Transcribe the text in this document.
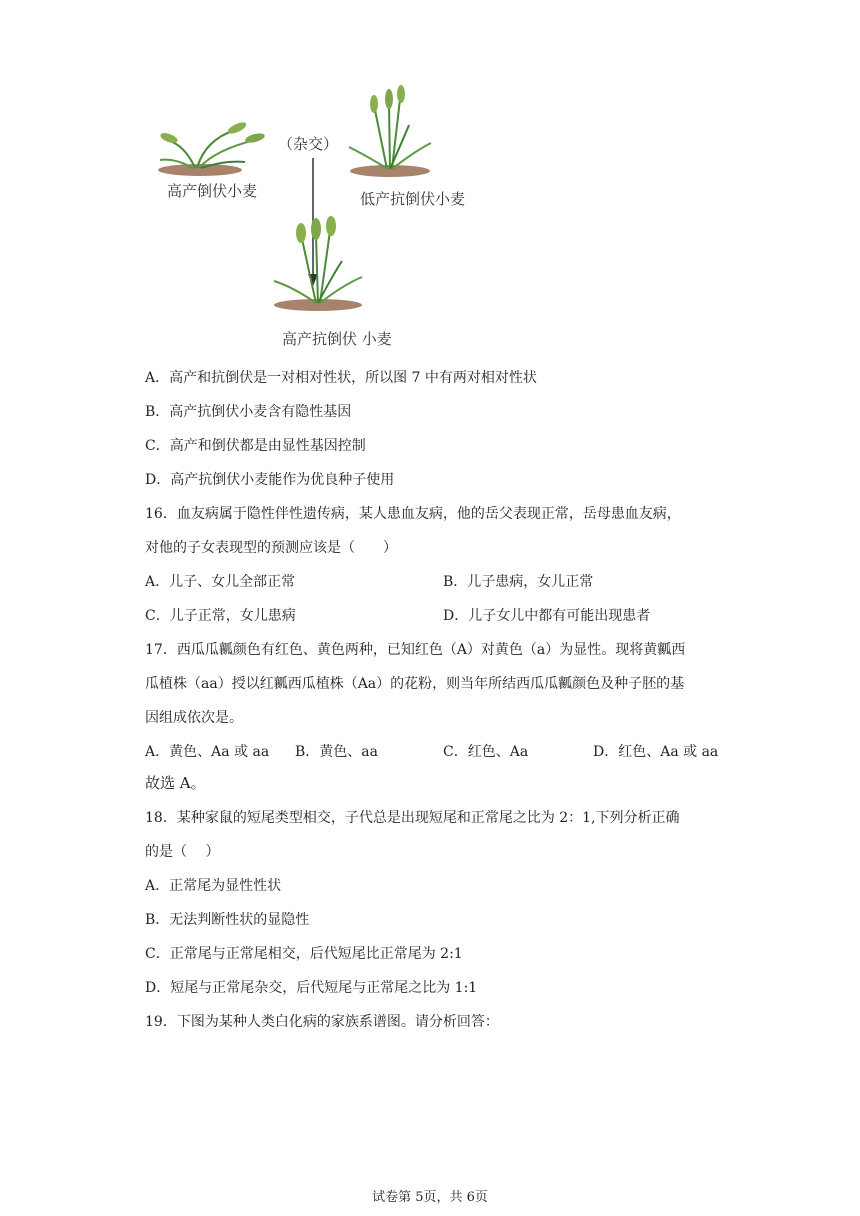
高产倒伏小麦
（杂交）
低产抗倒伏小麦
高产抗倒伏 小麦
A．高产和抗倒伏是一对相对性状，所以图 7 中有两对相对性状
B．高产抗倒伏小麦含有隐性基因
C．高产和倒伏都是由显性基因控制
D．高产抗倒伏小麦能作为优良种子使用
16．血友病属于隐性伴性遗传病，某人患血友病，他的岳父表现正常，岳母患血友病，
对他的子女表现型的预测应该是（　　）
A．儿子、女儿全部正常	B．儿子患病，女儿正常
C．儿子正常，女儿患病	D．儿子女儿中都有可能出现患者
17．西瓜瓜瓤颜色有红色、黄色两种，已知红色（A）对黄色（a）为显性。现将黄瓤西
瓜植株（aa）授以红瓤西瓜植株（Aa）的花粉，则当年所结西瓜瓜瓤颜色及种子胚的基
因组成依次是。
A．黄色、Aa 或 aa B．黄色、aa	C．红色、Aa	D．红色、Aa 或 aa
故选 A。
18．某种家鼠的短尾类型相交，子代总是出现短尾和正常尾之比为 2：1,下列分析正确
的是（　 ）
A．正常尾为显性性状
B．无法判断性状的显隐性
C．正常尾与正常尾相交，后代短尾比正常尾为 2:1
D．短尾与正常尾杂交，后代短尾与正常尾之比为 1:1
19．下图为某种人类白化病的家族系谱图。请分析回答：
试卷第 5页，共 6页
